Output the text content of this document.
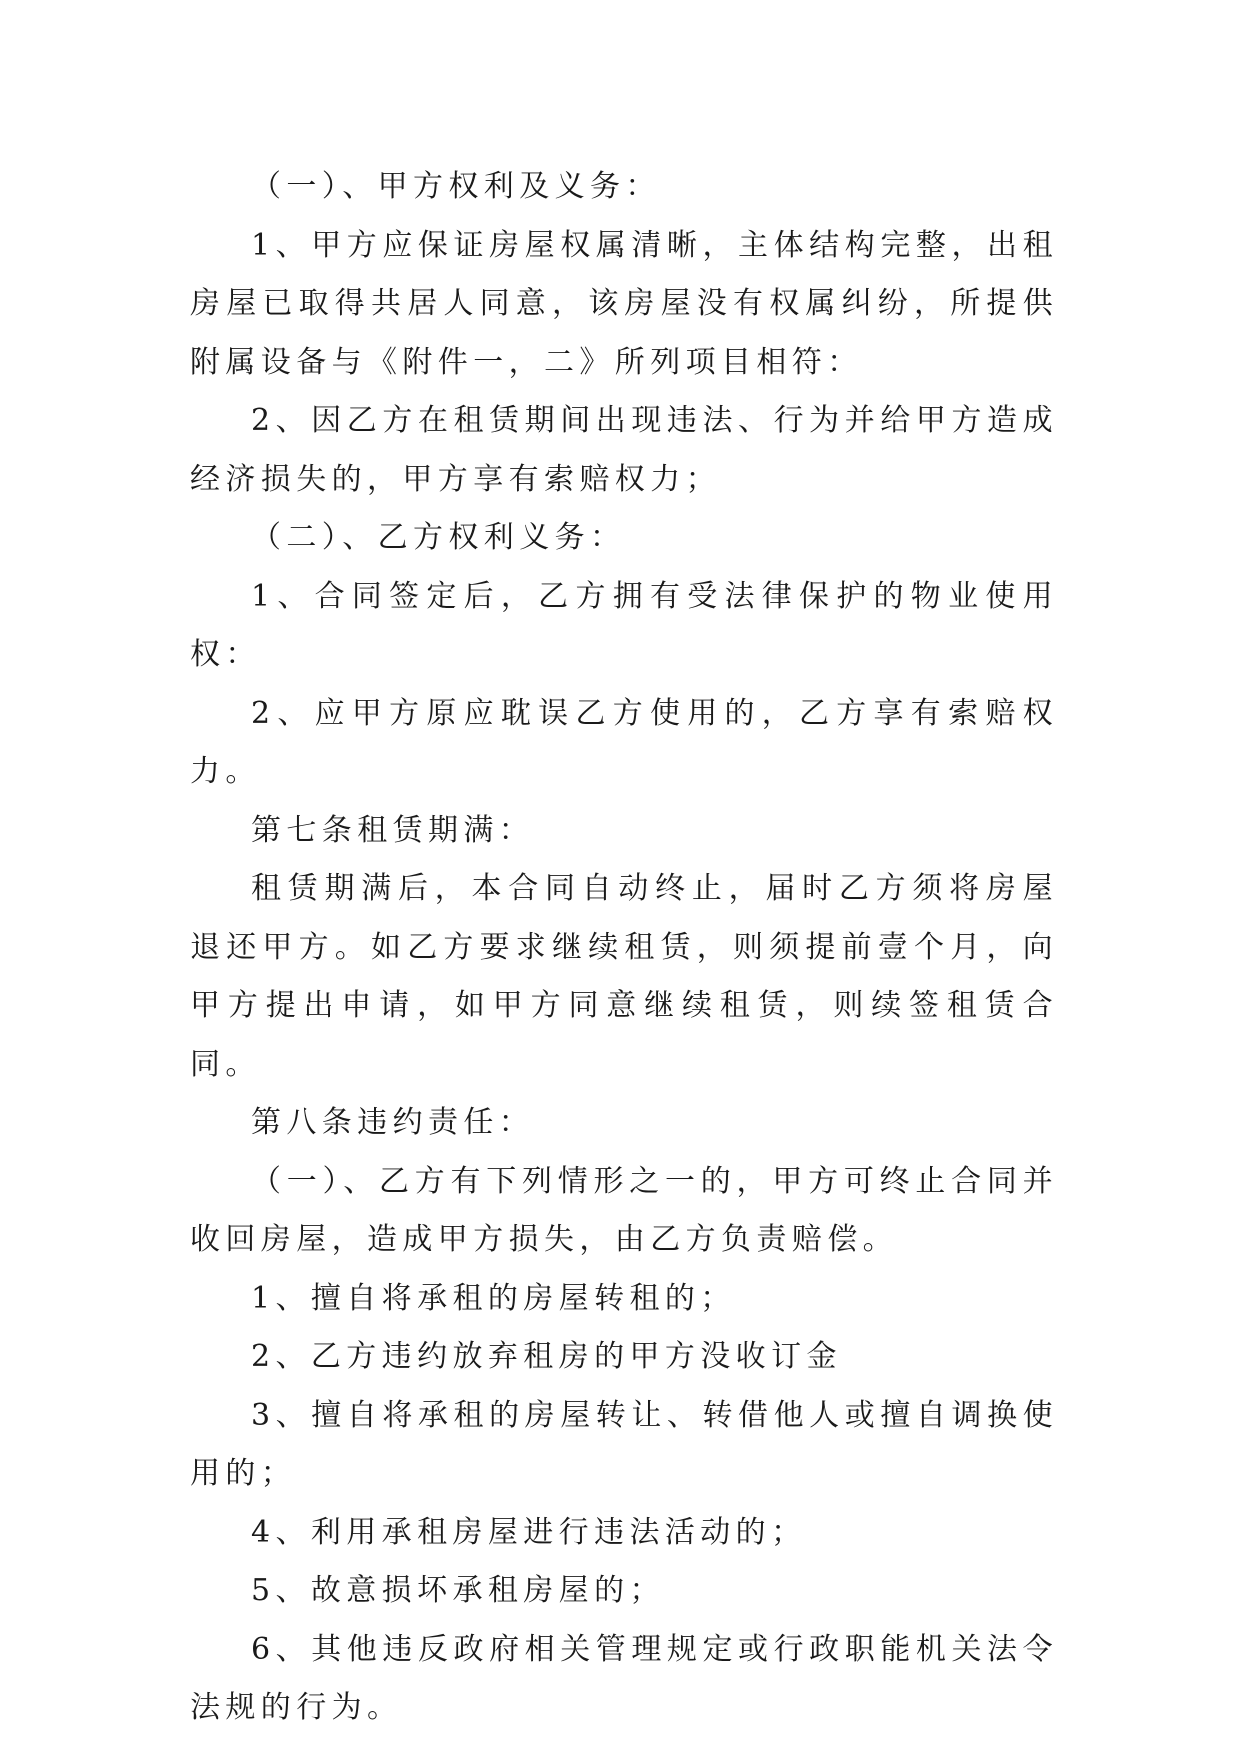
（一）、甲方权利及义务：

1、甲方应保证房屋权属清晰，主体结构完整，出租房屋已取得共居人同意，该房屋没有权属纠纷，所提供附属设备与《附件一，二》所列项目相符：

2、因乙方在租赁期间出现违法、行为并给甲方造成经济损失的，甲方享有索赔权力；

（二）、乙方权利义务：

1、合同签定后，乙方拥有受法律保护的物业使用权：

2、应甲方原应耽误乙方使用的，乙方享有索赔权力。

第七条租赁期满：

租赁期满后，本合同自动终止，届时乙方须将房屋退还甲方。如乙方要求继续租赁，则须提前壹个月，向甲方提出申请，如甲方同意继续租赁，则续签租赁合同。

第八条违约责任：

（一）、乙方有下列情形之一的，甲方可终止合同并收回房屋，造成甲方损失，由乙方负责赔偿。

1、擅自将承租的房屋转租的；

2、乙方违约放弃租房的甲方没收订金

3、擅自将承租的房屋转让、转借他人或擅自调换使用的；

4、利用承租房屋进行违法活动的；

5、故意损坏承租房屋的；

6、其他违反政府相关管理规定或行政职能机关法令法规的行为。
